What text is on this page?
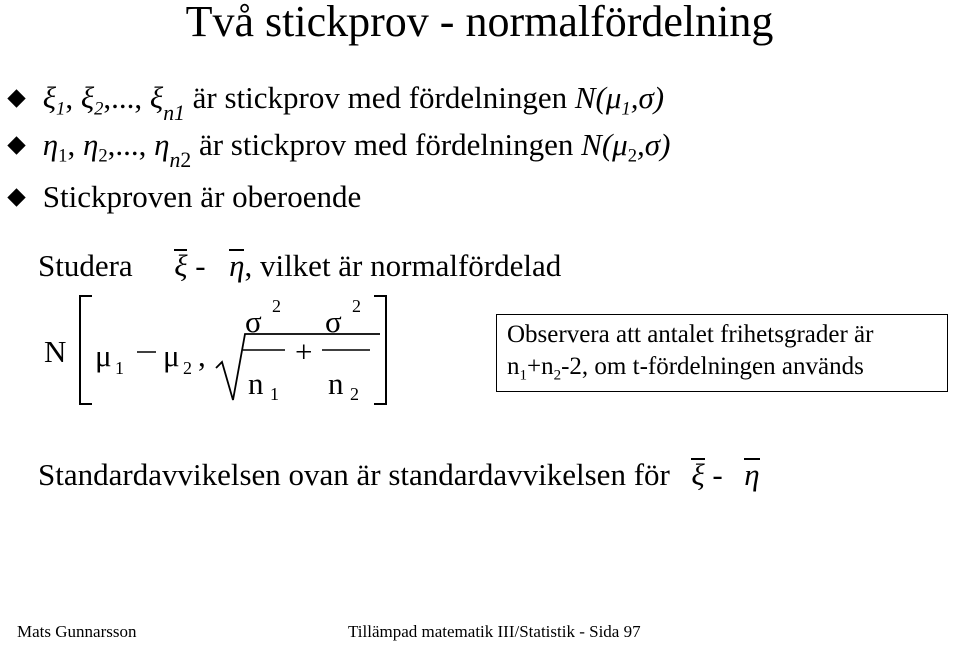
Två stickprov - normalfördelning
$\xi_1$, $\xi_2$,..., $\xi_{n1}$ är stickprov med fördelningen $N(\mu_1,\sigma)$
$\eta_1$, $\eta_2$,..., $\eta_{n2}$ är stickprov med fördelningen $N(\mu_2,\sigma)$
Stickproven är oberoende
Studera ξ - η, vilket är normalfördelad
N μ 1 μ 2 ,
σ 2
n 1
+
σ 2
n 2
Observera att antalet frihetsgrader är
$n_1+n_2-2$, om t-fördelningen används
Standardavvikelsen ovan är standardavvikelsen för ξ - η
Mats Gunnarsson	Tillämpad matematik III/Statistik - Sida 97
